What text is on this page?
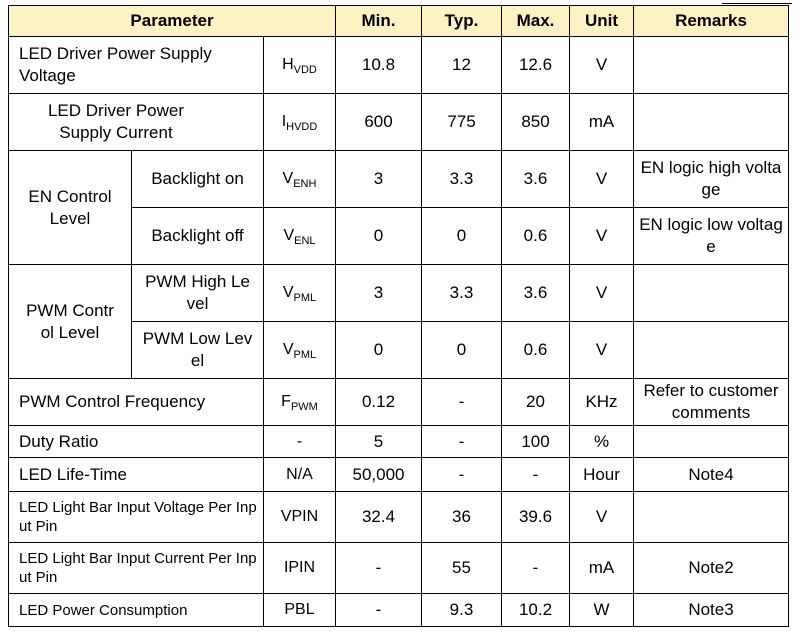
Parameter			Min.	Typ.	Max.	Unit	Remarks
LED Driver Power Supply Voltage		$H_{VDD}$	10.8	12	12.6	V	
LED Driver Power Supply Current		$I_{HVDD}$	600	775	850	mA	
EN Control Level	Backlight on	$V_{ENH}$	3	3.3	3.6	V	EN logic high voltage
	Backlight off	$V_{ENL}$	0	0	0.6	V	EN logic low voltage
PWM Control Level	PWM High Level	$V_{PML}$	3	3.3	3.6	V	
	PWM Low Level	$V_{PML}$	0	0	0.6	V	
PWM Control Frequency		$F_{PWM}$	0.12	-	20	KHz	Refer to customer comments
Duty Ratio		-	5	-	100	%	
LED Life-Time		N/A	50,000	-	-	Hour	Note4
LED Light Bar Input Voltage Per Input Pin		VPIN	32.4	36	39.6	V	
LED Light Bar Input Current Per Input Pin		IPIN	-	55	-	mA	Note2
LED Power Consumption		PBL	-	9.3	10.2	W	Note3
